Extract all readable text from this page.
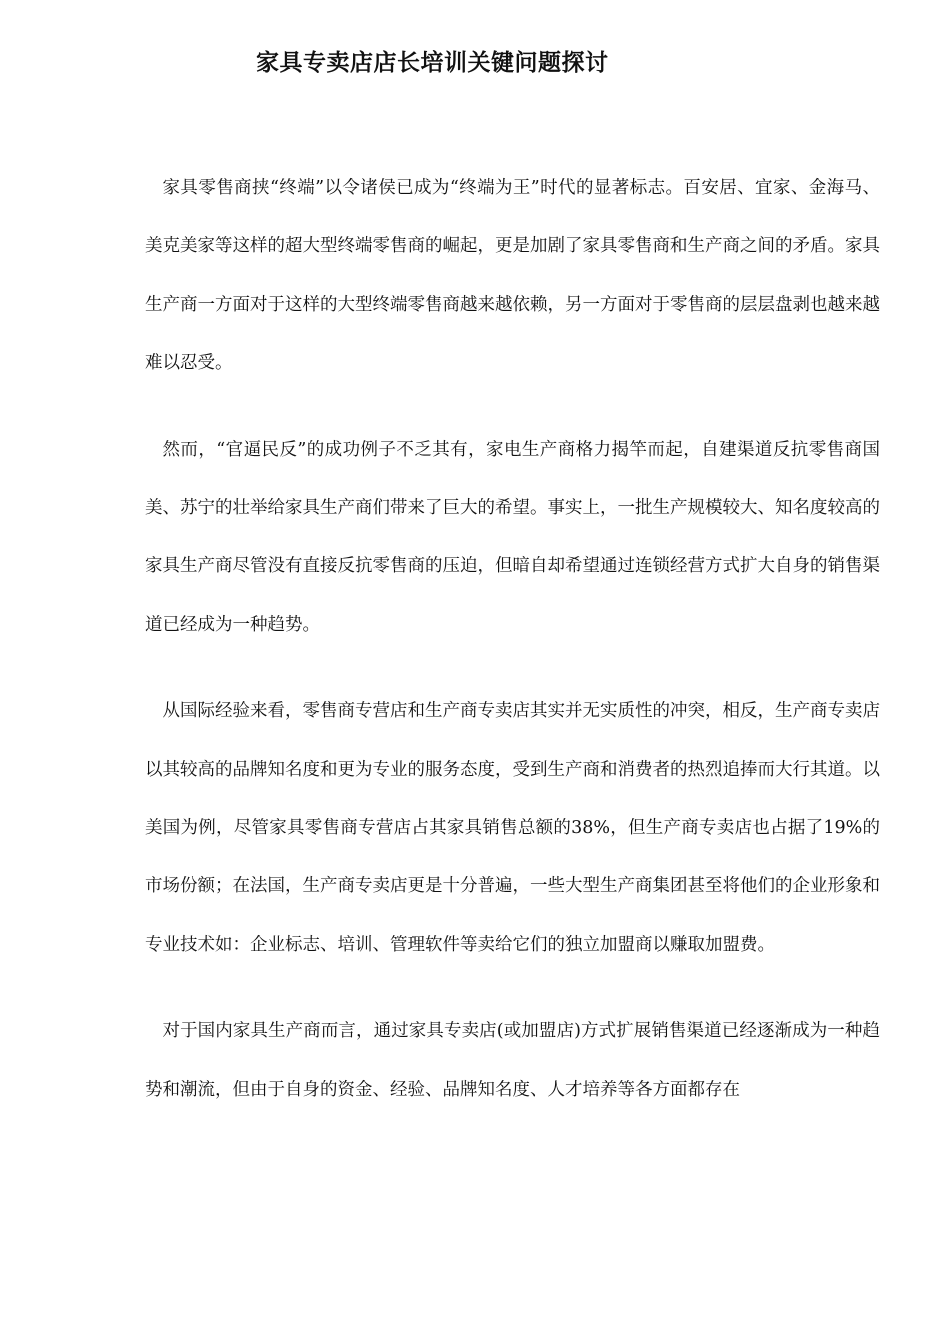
家具专卖店店长培训关键问题探讨

家具零售商挟“终端”以令诸侯已成为“终端为王”时代的显著标志。百安居、宜家、金海马、美克美家等这样的超大型终端零售商的崛起，更是加剧了家具零售商和生产商之间的矛盾。家具生产商一方面对于这样的大型终端零售商越来越依赖，另一方面对于零售商的层层盘剥也越来越难以忍受。

然而，“官逼民反”的成功例子不乏其有，家电生产商格力揭竿而起，自建渠道反抗零售商国美、苏宁的壮举给家具生产商们带来了巨大的希望。事实上，一批生产规模较大、知名度较高的家具生产商尽管没有直接反抗零售商的压迫，但暗自却希望通过连锁经营方式扩大自身的销售渠道已经成为一种趋势。

从国际经验来看，零售商专营店和生产商专卖店其实并无实质性的冲突，相反，生产商专卖店以其较高的品牌知名度和更为专业的服务态度，受到生产商和消费者的热烈追捧而大行其道。以美国为例，尽管家具零售商专营店占其家具销售总额的38%，但生产商专卖店也占据了19%的市场份额；在法国，生产商专卖店更是十分普遍，一些大型生产商集团甚至将他们的企业形象和专业技术如：企业标志、培训、管理软件等卖给它们的独立加盟商以赚取加盟费。

对于国内家具生产商而言，通过家具专卖店(或加盟店)方式扩展销售渠道已经逐渐成为一种趋势和潮流，但由于自身的资金、经验、品牌知名度、人才培养等各方面都存在
